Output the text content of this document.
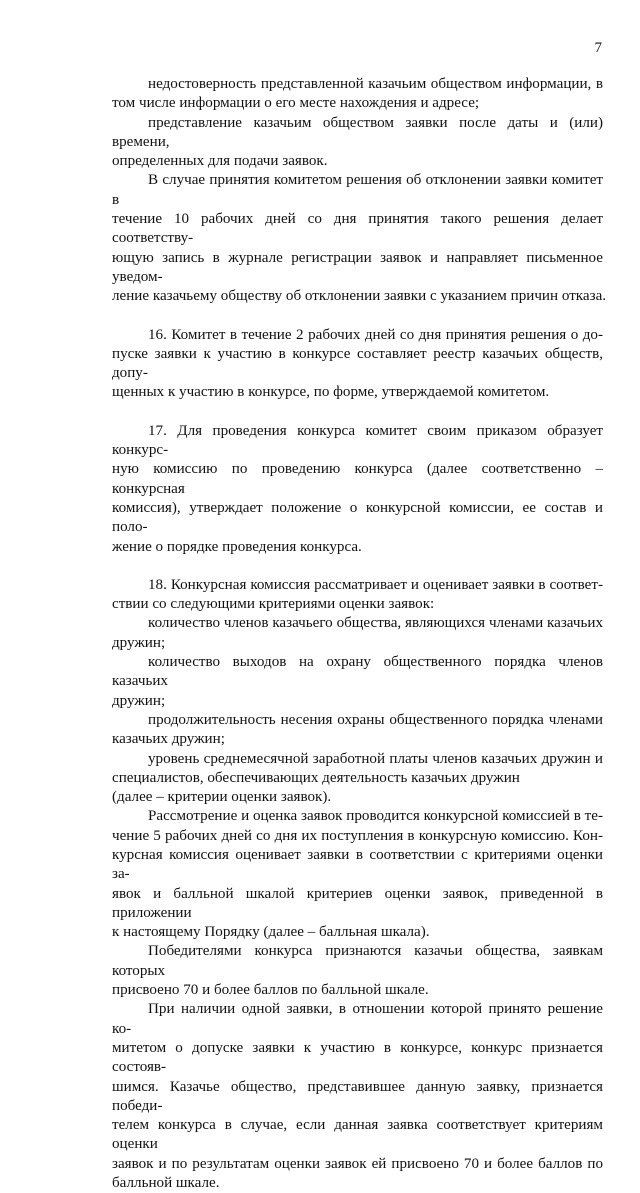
7

недостоверность представленной казачьим обществом информации, в
том числе информации о его месте нахождения и адресе;

представление казачьим обществом заявки после даты и (или) времени,
определенных для подачи заявок.

В случае принятия комитетом решения об отклонении заявки комитет в
течение 10 рабочих дней со дня принятия такого решения делает соответству-
ющую запись в журнале регистрации заявок и направляет письменное уведом-
ление казачьему обществу об отклонении заявки с указанием причин отказа.

16. Комитет в течение 2 рабочих дней со дня принятия решения о до-
пуске заявки к участию в конкурсе составляет реестр казачьих обществ, допу-
щенных к участию в конкурсе, по форме, утверждаемой комитетом.

17. Для проведения конкурса комитет своим приказом образует конкурс-
ную комиссию по проведению конкурса (далее соответственно – конкурсная
комиссия), утверждает положение о конкурсной комиссии, ее состав и поло-
жение о порядке проведения конкурса.

18. Конкурсная комиссия рассматривает и оценивает заявки в соответ-
ствии со следующими критериями оценки заявок:

количество членов казачьего общества, являющихся членами казачьих
дружин;

количество выходов на охрану общественного порядка членов казачьих
дружин;

продолжительность несения охраны общественного порядка членами
казачьих дружин;

уровень среднемесячной заработной платы членов казачьих дружин и
специалистов, обеспечивающих деятельность казачьих дружин

(далее – критерии оценки заявок).

Рассмотрение и оценка заявок проводится конкурсной комиссией в те-
чение 5 рабочих дней со дня их поступления в конкурсную комиссию. Кон-
курсная комиссия оценивает заявки в соответствии с критериями оценки за-
явок и балльной шкалой критериев оценки заявок, приведенной в приложении
к настоящему Порядку (далее – балльная шкала).

Победителями конкурса признаются казачьи общества, заявкам которых
присвоено 70 и более баллов по балльной шкале.

При наличии одной заявки, в отношении которой принято решение ко-
митетом о допуске заявки к участию в конкурсе, конкурс признается состояв-
шимся. Казачье общество, представившее данную заявку, признается победи-
телем конкурса в случае, если данная заявка соответствует критериям оценки
заявок и по результатам оценки заявок ей присвоено 70 и более баллов по
балльной шкале.
